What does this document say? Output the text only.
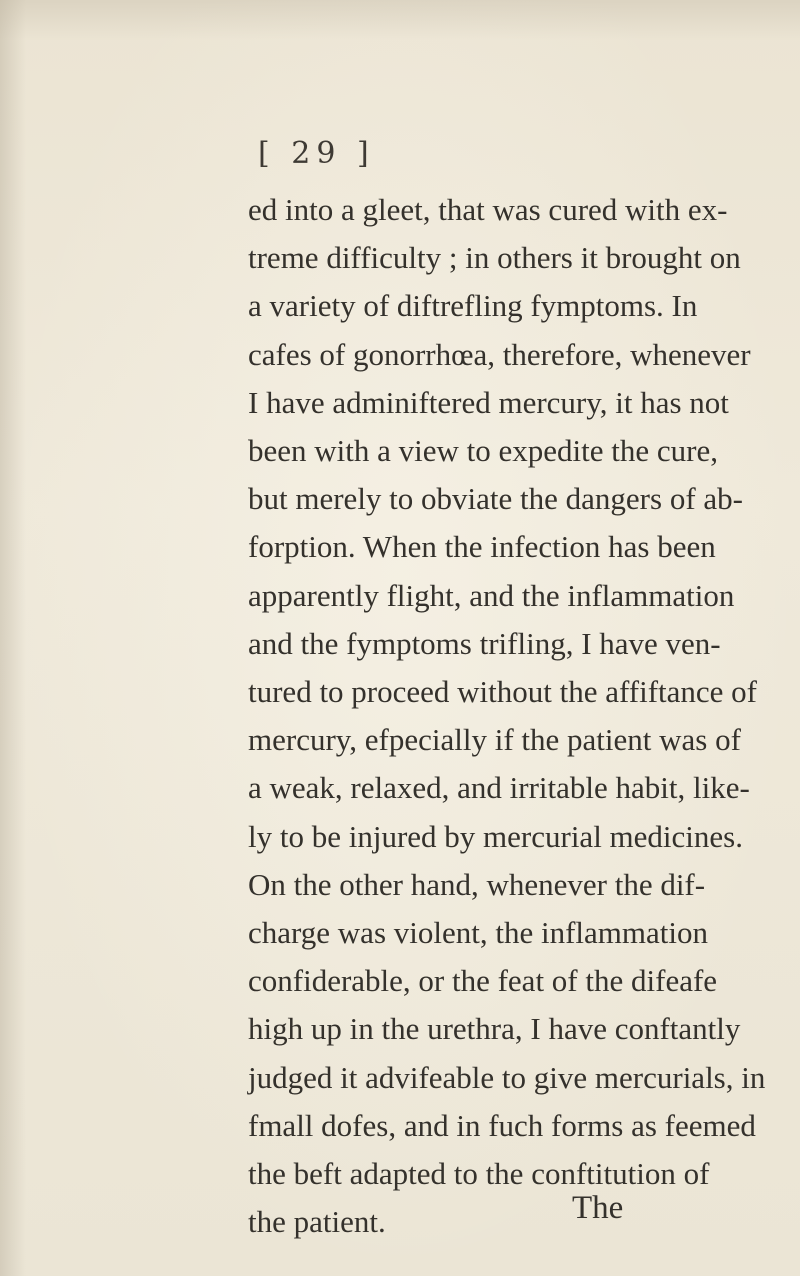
[ 29 ]
ed into a gleet, that was cured with ex-
treme difficulty ; in others it brought on
a variety of diftrefling fymptoms. In
cafes of gonorrhœa, therefore, whenever
I have adminiftered mercury, it has not
been with a view to expedite the cure,
but merely to obviate the dangers of ab-
forption. When the infection has been
apparently flight, and the inflammation
and the fymptoms trifling, I have ven-
tured to proceed without the affiftance of
mercury, efpecially if the patient was of
a weak, relaxed, and irritable habit, like-
ly to be injured by mercurial medicines.
On the other hand, whenever the dif-
charge was violent, the inflammation
confiderable, or the feat of the difeafe
high up in the urethra, I have conftantly
judged it advifeable to give mercurials, in
fmall dofes, and in fuch forms as feemed
the beft adapted to the conftitution of
the patient.	The
